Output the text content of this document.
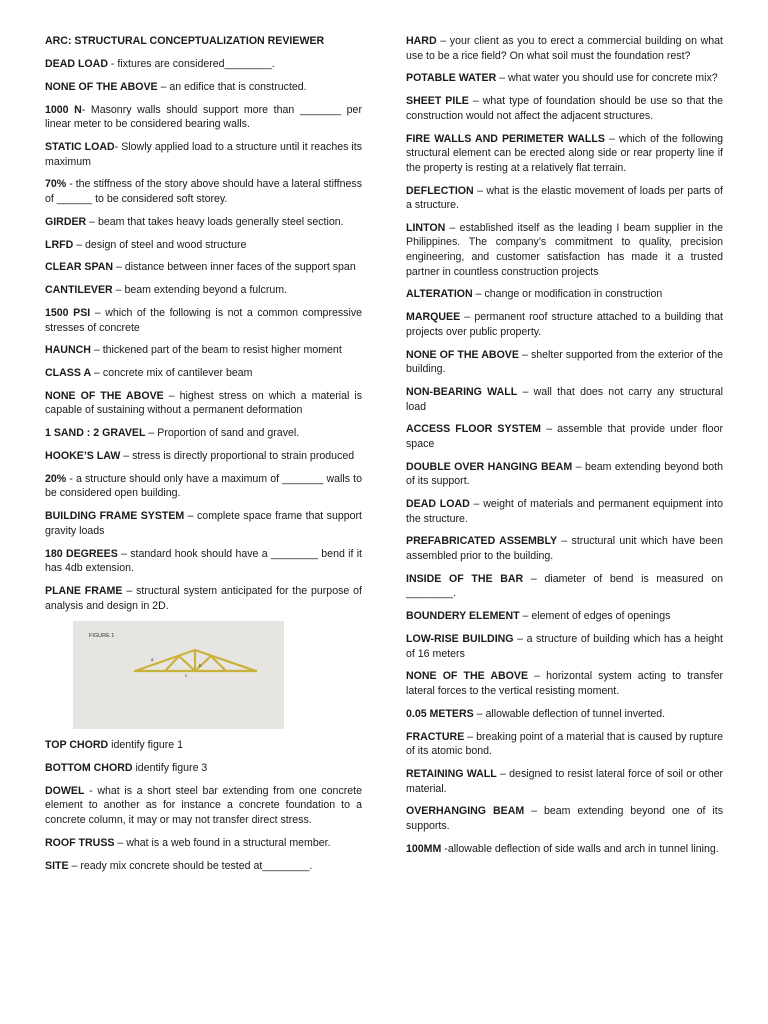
ARC: STRUCTURAL CONCEPTUALIZATION REVIEWER
DEAD LOAD - fixtures are considered________.
NONE OF THE ABOVE – an edifice that is constructed.
1000 N- Masonry walls should support more than _______ per linear meter to be considered bearing walls.
STATIC LOAD- Slowly applied load to a structure until it reaches its maximum
70% - the stiffness of the story above should have a lateral stiffness of ______ to be considered soft storey.
GIRDER – beam that takes heavy loads generally steel section.
LRFD – design of steel and wood structure
CLEAR SPAN – distance between inner faces of the support span
CANTILEVER – beam extending beyond a fulcrum.
1500 PSI – which of the following is not a common compressive stresses of concrete
HAUNCH – thickened part of the beam to resist higher moment
CLASS A – concrete mix of cantilever beam
NONE OF THE ABOVE – highest stress on which a material is capable of sustaining without a permanent deformation
1 SAND : 2 GRAVEL – Proportion of sand and gravel.
HOOKE’S LAW – stress is directly proportional to strain produced
20% - a structure should only have a maximum of _______ walls to be considered open building.
BUILDING FRAME SYSTEM – complete space frame that support gravity loads
180 DEGREES – standard hook should have a ________ bend if it has 4db extension.
PLANE FRAME – structural system anticipated for the purpose of analysis and design in 2D.
FIGURE 1
a
b
c
TOP CHORD identify figure 1
BOTTOM CHORD identify figure 3
DOWEL - what is a short steel bar extending from one concrete element to another as for instance a concrete foundation to a concrete column, it may or may not transfer direct stress.
ROOF TRUSS – what is a web found in a structural member.
SITE – ready mix concrete should be tested at________.
HARD – your client as you to erect a commercial building on what use to be a rice field? On what soil must the foundation rest?
POTABLE WATER – what water you should use for concrete mix?
SHEET PILE – what type of foundation should be use so that the construction would not affect the adjacent structures.
FIRE WALLS AND PERIMETER WALLS – which of the following structural element can be erected along side or rear property line if the property is resting at a relatively flat terrain.
DEFLECTION – what is the elastic movement of loads per parts of a structure.
LINTON – established itself as the leading I beam supplier in the Philippines. The company’s commitment to quality, precision engineering, and customer satisfaction has made it a trusted partner in countless construction projects
ALTERATION – change or modification in construction
MARQUEE – permanent roof structure attached to a building that projects over public property.
NONE OF THE ABOVE – shelter supported from the exterior of the building.
NON-BEARING WALL – wall that does not carry any structural load
ACCESS FLOOR SYSTEM – assemble that provide under floor space
DOUBLE OVER HANGING BEAM – beam extending beyond both of its support.
DEAD LOAD – weight of materials and permanent equipment into the structure.
PREFABRICATED ASSEMBLY – structural unit which have been assembled prior to the building.
INSIDE OF THE BAR – diameter of bend is measured on ________.
BOUNDERY ELEMENT – element of edges of openings
LOW-RISE BUILDING – a structure of building which has a height of 16 meters
NONE OF THE ABOVE – horizontal system acting to transfer lateral forces to the vertical resisting moment.
0.05 METERS – allowable deflection of tunnel inverted.
FRACTURE – breaking point of a material that is caused by rupture of its atomic bond.
RETAINING WALL – designed to resist lateral force of soil or other material.
OVERHANGING BEAM – beam extending beyond one of its supports.
100MM -allowable deflection of side walls and arch in tunnel lining.
